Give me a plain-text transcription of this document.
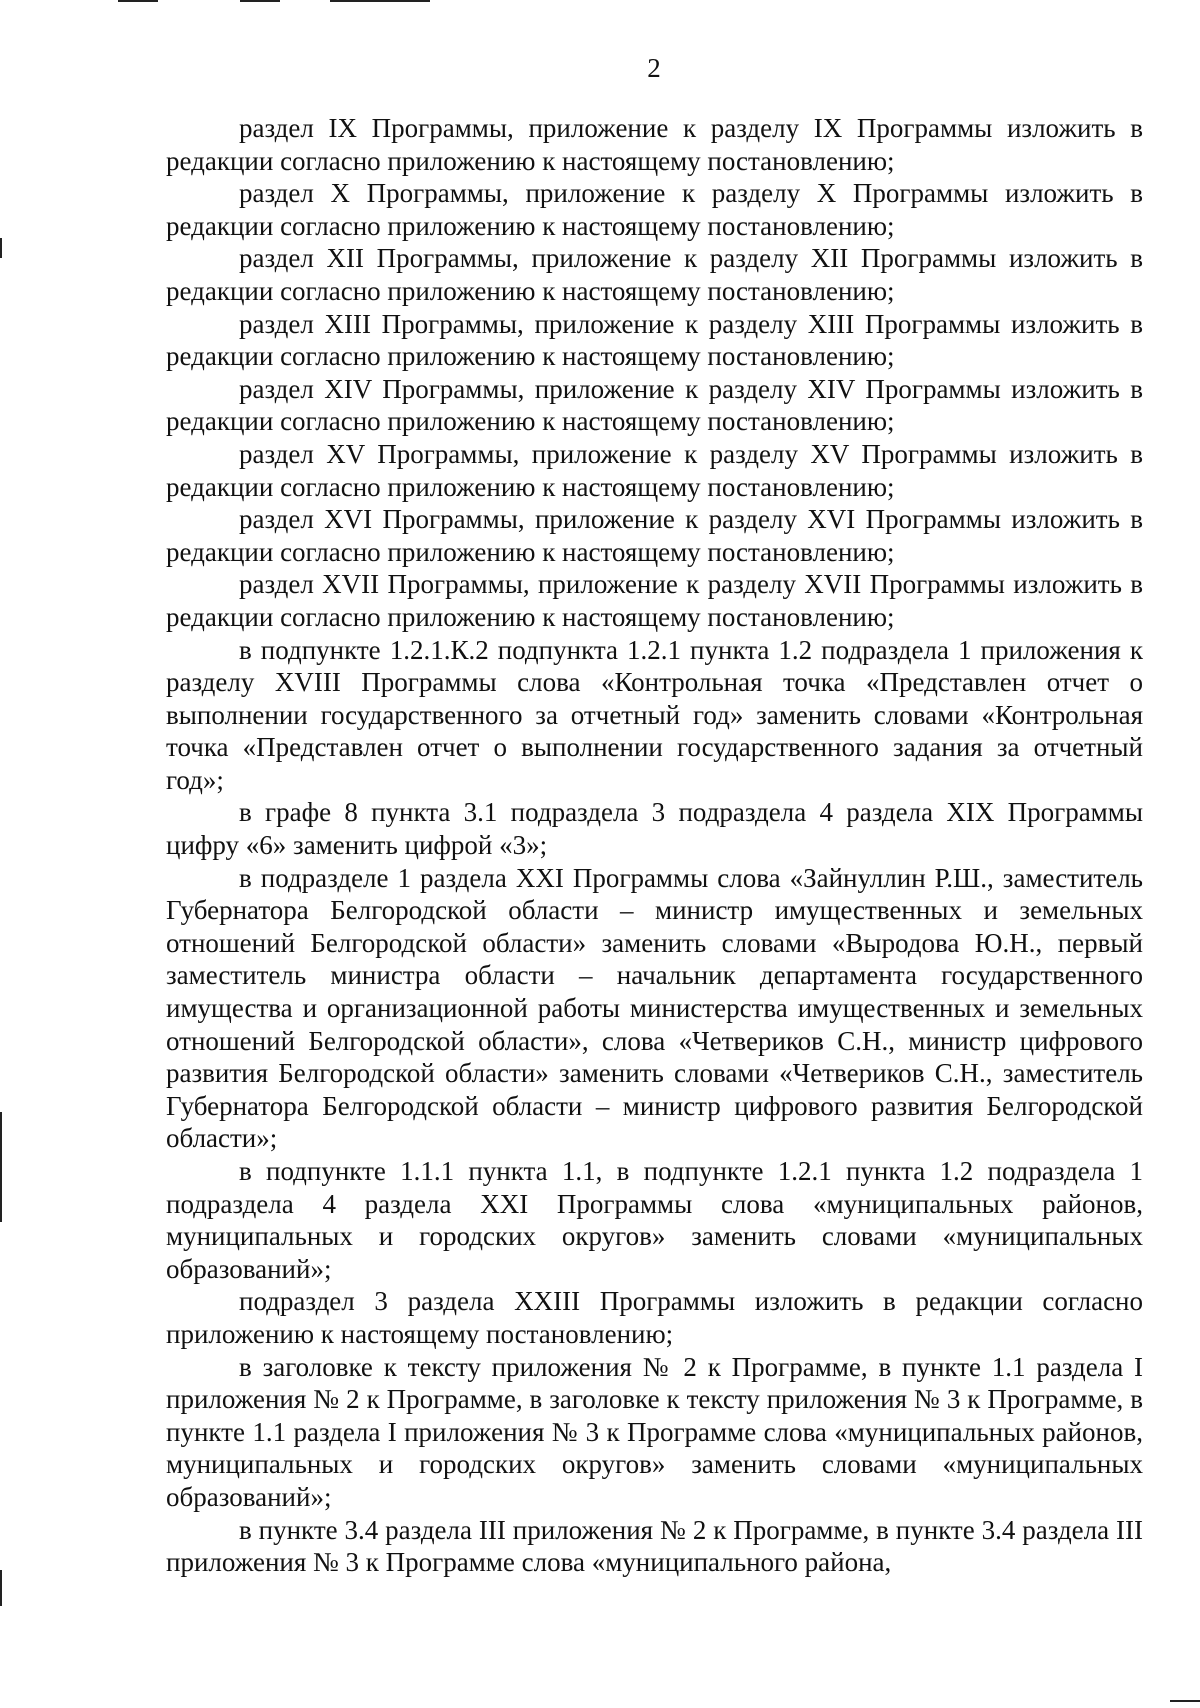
2

раздел IX Программы, приложение к разделу IX Программы изложить в редакции согласно приложению к настоящему постановлению;

раздел X Программы, приложение к разделу X Программы изложить в редакции согласно приложению к настоящему постановлению;

раздел XII Программы, приложение к разделу XII Программы изложить в редакции согласно приложению к настоящему постановлению;

раздел XIII Программы, приложение к разделу XIII Программы изложить в редакции согласно приложению к настоящему постановлению;

раздел XIV Программы, приложение к разделу XIV Программы изложить в редакции согласно приложению к настоящему постановлению;

раздел XV Программы, приложение к разделу XV Программы изложить в редакции согласно приложению к настоящему постановлению;

раздел XVI Программы, приложение к разделу XVI Программы изложить в редакции согласно приложению к настоящему постановлению;

раздел XVII Программы, приложение к разделу XVII Программы изложить в редакции согласно приложению к настоящему постановлению;

в подпункте 1.2.1.К.2 подпункта 1.2.1 пункта 1.2 подраздела 1 приложения к разделу XVIII Программы слова «Контрольная точка «Представлен отчет о выполнении государственного за отчетный год» заменить словами «Контрольная точка «Представлен отчет о выполнении государственного задания за отчетный год»;

в графе 8 пункта 3.1 подраздела 3 подраздела 4 раздела XIX Программы цифру «6» заменить цифрой «3»;

в подразделе 1 раздела XXI Программы слова «Зайнуллин Р.Ш., заместитель Губернатора Белгородской области – министр имущественных и земельных отношений Белгородской области» заменить словами «Выродова Ю.Н., первый заместитель министра области – начальник департамента государственного имущества и организационной работы министерства имущественных и земельных отношений Белгородской области», слова «Четвериков С.Н., министр цифрового развития Белгородской области» заменить словами «Четвериков С.Н., заместитель Губернатора Белгородской области – министр цифрового развития Белгородской области»;

в подпункте 1.1.1 пункта 1.1, в подпункте 1.2.1 пункта 1.2 подраздела 1 подраздела 4 раздела XXI Программы слова «муниципальных районов, муниципальных и городских округов» заменить словами «муниципальных образований»;

подраздел 3 раздела XXIII Программы изложить в редакции согласно приложению к настоящему постановлению;

в заголовке к тексту приложения № 2 к Программе, в пункте 1.1 раздела I приложения № 2 к Программе, в заголовке к тексту приложения № 3 к Программе, в пункте 1.1 раздела I приложения № 3 к Программе слова «муниципальных районов, муниципальных и городских округов» заменить словами «муниципальных образований»;

в пункте 3.4 раздела III приложения № 2 к Программе, в пункте 3.4 раздела III приложения № 3 к Программе слова «муниципального района,
